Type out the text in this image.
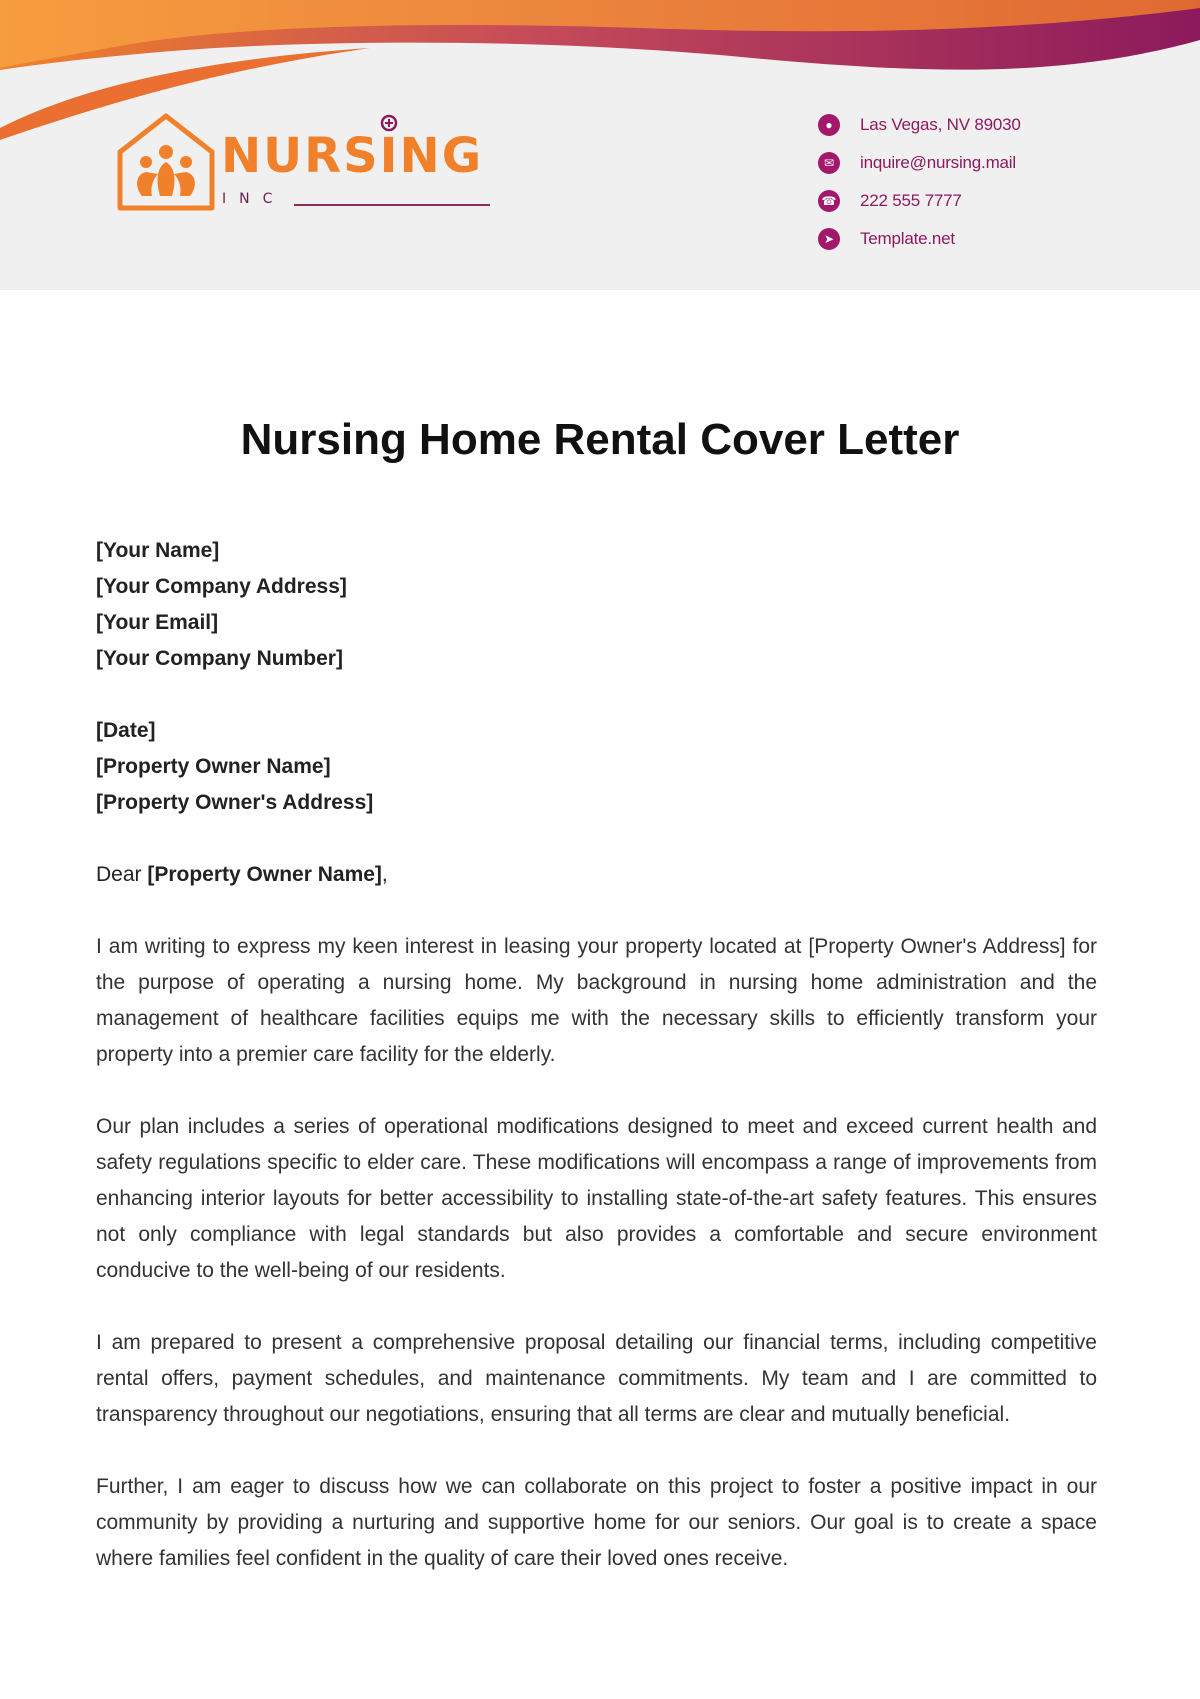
NURSING
INC
●	Las Vegas, NV 89030
✉	inquire@nursing.mail
☎ 222 555 7777
➤	Template.net
Nursing Home Rental Cover Letter
[Your Name]
[Your Company Address]
[Your Email]
[Your Company Number]
[Date]
[Property Owner Name]
[Property Owner's Address]
Dear [Property Owner Name],

I am writing to express my keen interest in leasing your property located at [Property Owner's Address] for the purpose of operating a nursing home. My background in nursing home administration and the management of healthcare facilities equips me with the necessary skills to efficiently transform your property into a premier care facility for the elderly.

Our plan includes a series of operational modifications designed to meet and exceed current health and safety regulations specific to elder care. These modifications will encompass a range of improvements from enhancing interior layouts for better accessibility to installing state-of-the-art safety features. This ensures not only compliance with legal standards but also provides a comfortable and secure environment conducive to the well-being of our residents.

I am prepared to present a comprehensive proposal detailing our financial terms, including competitive rental offers, payment schedules, and maintenance commitments. My team and I are committed to transparency throughout our negotiations, ensuring that all terms are clear and mutually beneficial.

Further, I am eager to discuss how we can collaborate on this project to foster a positive impact in our community by providing a nurturing and supportive home for our seniors. Our goal is to create a space where families feel confident in the quality of care their loved ones receive.
